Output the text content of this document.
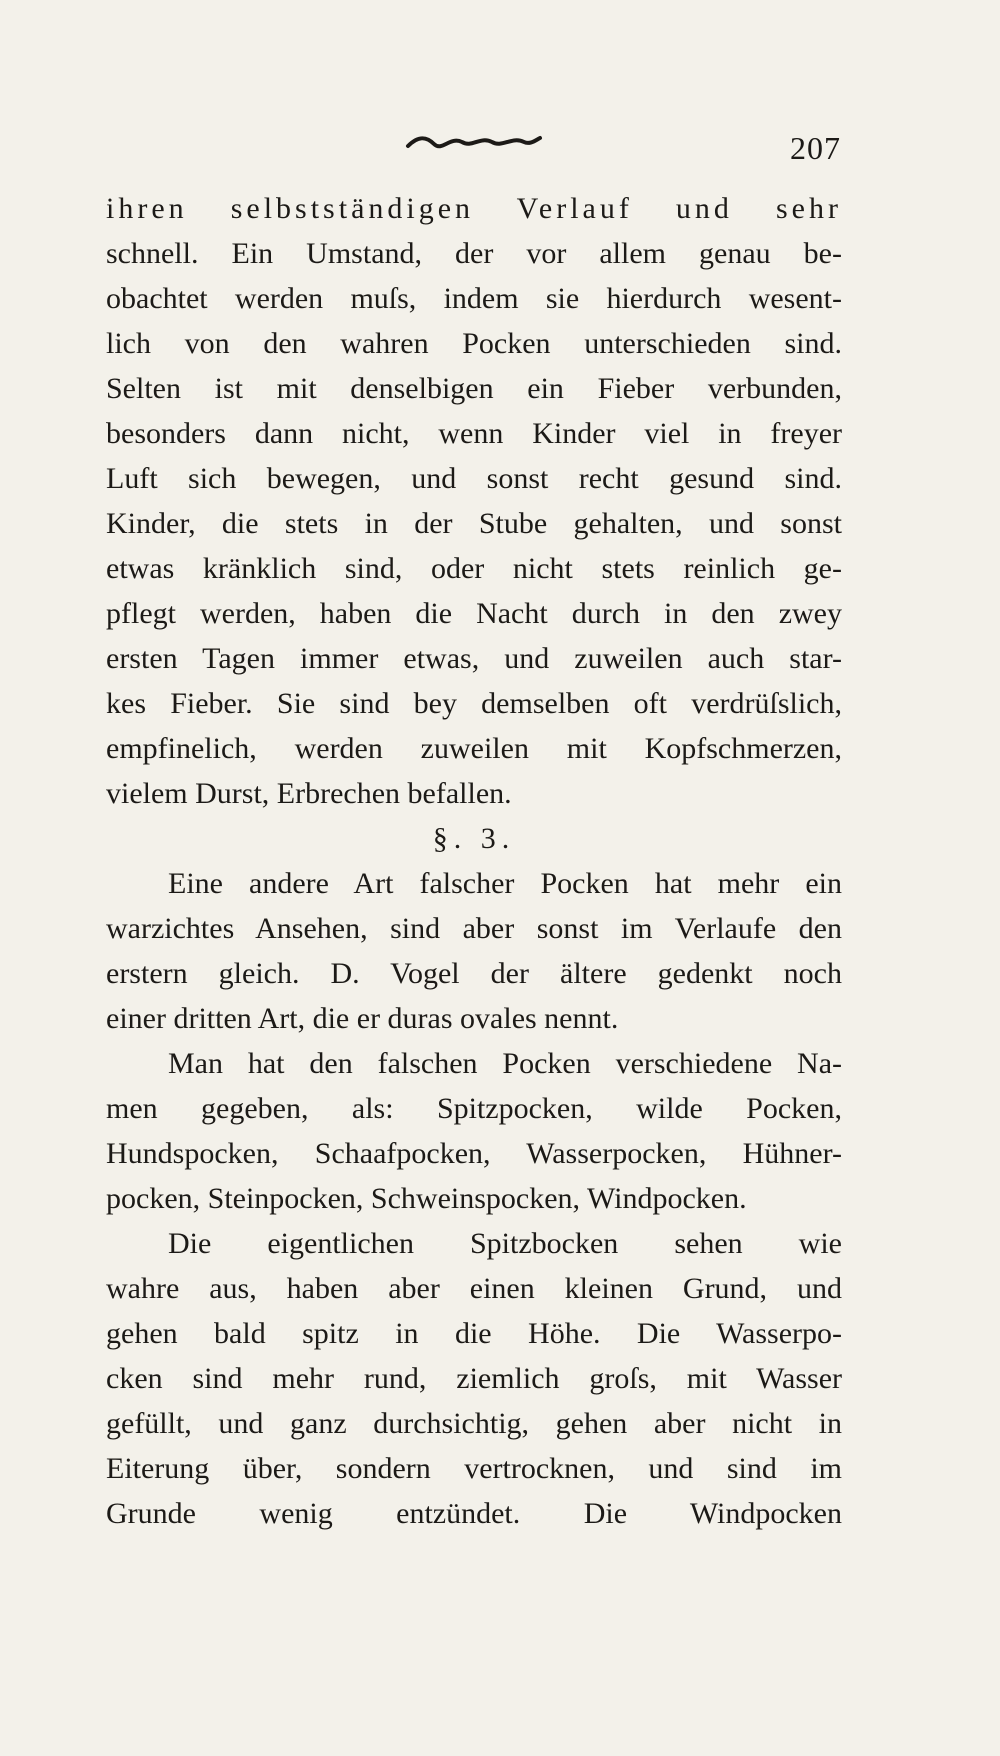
207
ihren selbstständigen Verlauf und sehr
schnell. Ein Umstand, der vor allem genau be-
obachtet werden muſs, indem sie hierdurch wesent-
lich von den wahren Pocken unterschieden sind.
Selten ist mit denselbigen ein Fieber verbunden,
besonders dann nicht, wenn Kinder viel in freyer
Luft sich bewegen, und sonst recht gesund sind.
Kinder, die stets in der Stube gehalten, und sonst
etwas kränklich sind, oder nicht stets reinlich ge-
pflegt werden, haben die Nacht durch in den zwey
ersten Tagen immer etwas, und zuweilen auch star-
kes Fieber. Sie sind bey demselben oft verdrüſslich,
empfinelich, werden zuweilen mit Kopfschmerzen,
vielem Durst, Erbrechen befallen.
§. 3.
Eine andere Art falscher Pocken hat mehr ein
warzichtes Ansehen, sind aber sonst im Verlaufe den
erstern gleich. D. Vogel der ältere gedenkt noch
einer dritten Art, die er duras ovales nennt.
Man hat den falschen Pocken verschiedene Na-
men gegeben, als: Spitzpocken, wilde Pocken,
Hundspocken, Schaafpocken, Wasserpocken, Hühner-
pocken, Steinpocken, Schweinspocken, Windpocken.
Die eigentlichen Spitzbocken sehen wie
wahre aus, haben aber einen kleinen Grund, und
gehen bald spitz in die Höhe. Die Wasserpo-
cken sind mehr rund, ziemlich groſs, mit Wasser
gefüllt, und ganz durchsichtig, gehen aber nicht in
Eiterung über, sondern vertrocknen, und sind im
Grunde wenig entzündet. Die Windpocken
